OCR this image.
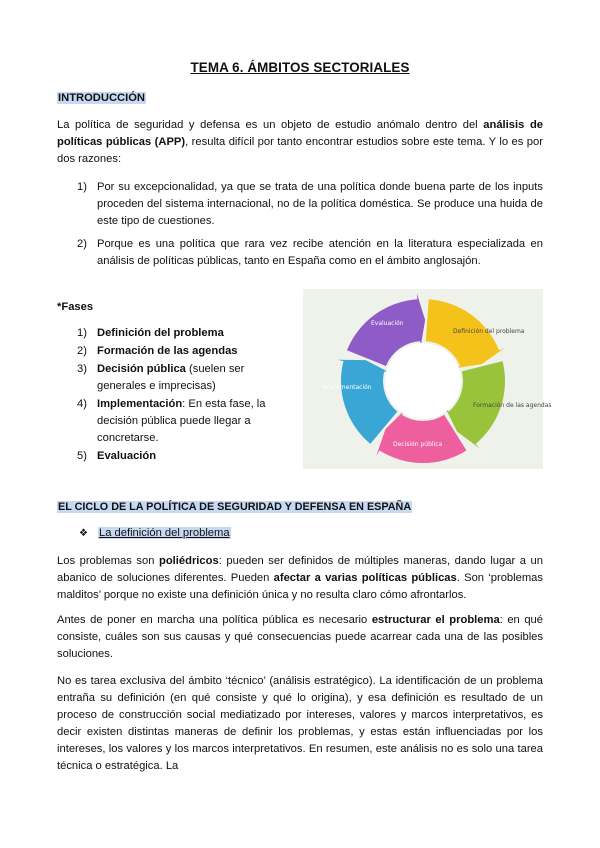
TEMA 6. ÁMBITOS SECTORIALES
INTRODUCCIÓN
La política de seguridad y defensa es un objeto de estudio anómalo dentro del análisis de políticas públicas (APP), resulta difícil por tanto encontrar estudios sobre este tema. Y lo es por dos razones:
1) Por su excepcionalidad, ya que se trata de una política donde buena parte de los inputs proceden del sistema internacional, no de la política doméstica. Se produce una huida de este tipo de cuestiones.
2) Porque es una política que rara vez recibe atención en la literatura especializada en análisis de políticas públicas, tanto en España como en el ámbito anglosajón.
*Fases
1) Definición del problema
2) Formación de las agendas
3) Decisión pública (suelen ser generales e imprecisas)
4) Implementación: En esta fase, la decisión pública puede llegar a concretarse.
5) Evaluación
Evaluación
Definición del problema
Formación de las agendas
Decisión pública
Implementación
EL CICLO DE LA POLÍTICA DE SEGURIDAD Y DEFENSA EN ESPAÑA
❖ La definición del problema
Los problemas son poliédricos: pueden ser definidos de múltiples maneras, dando lugar a un abanico de soluciones diferentes. Pueden afectar a varias políticas públicas. Son ‘problemas malditos’ porque no existe una definición única y no resulta claro cómo afrontarlos.
Antes de poner en marcha una política pública es necesario estructurar el problema: en qué consiste, cuáles son sus causas y qué consecuencias puede acarrear cada una de las posibles soluciones.
No es tarea exclusiva del ámbito ‘técnico’ (análisis estratégico). La identificación de un problema entraña su definición (en qué consiste y qué lo origina), y esa definición es resultado de un proceso de construcción social mediatizado por intereses, valores y marcos interpretativos, es decir existen distintas maneras de definir los problemas, y estas están influenciadas por los intereses, los valores y los marcos interpretativos. En resumen, este análisis no es solo una tarea técnica o estratégica. La
